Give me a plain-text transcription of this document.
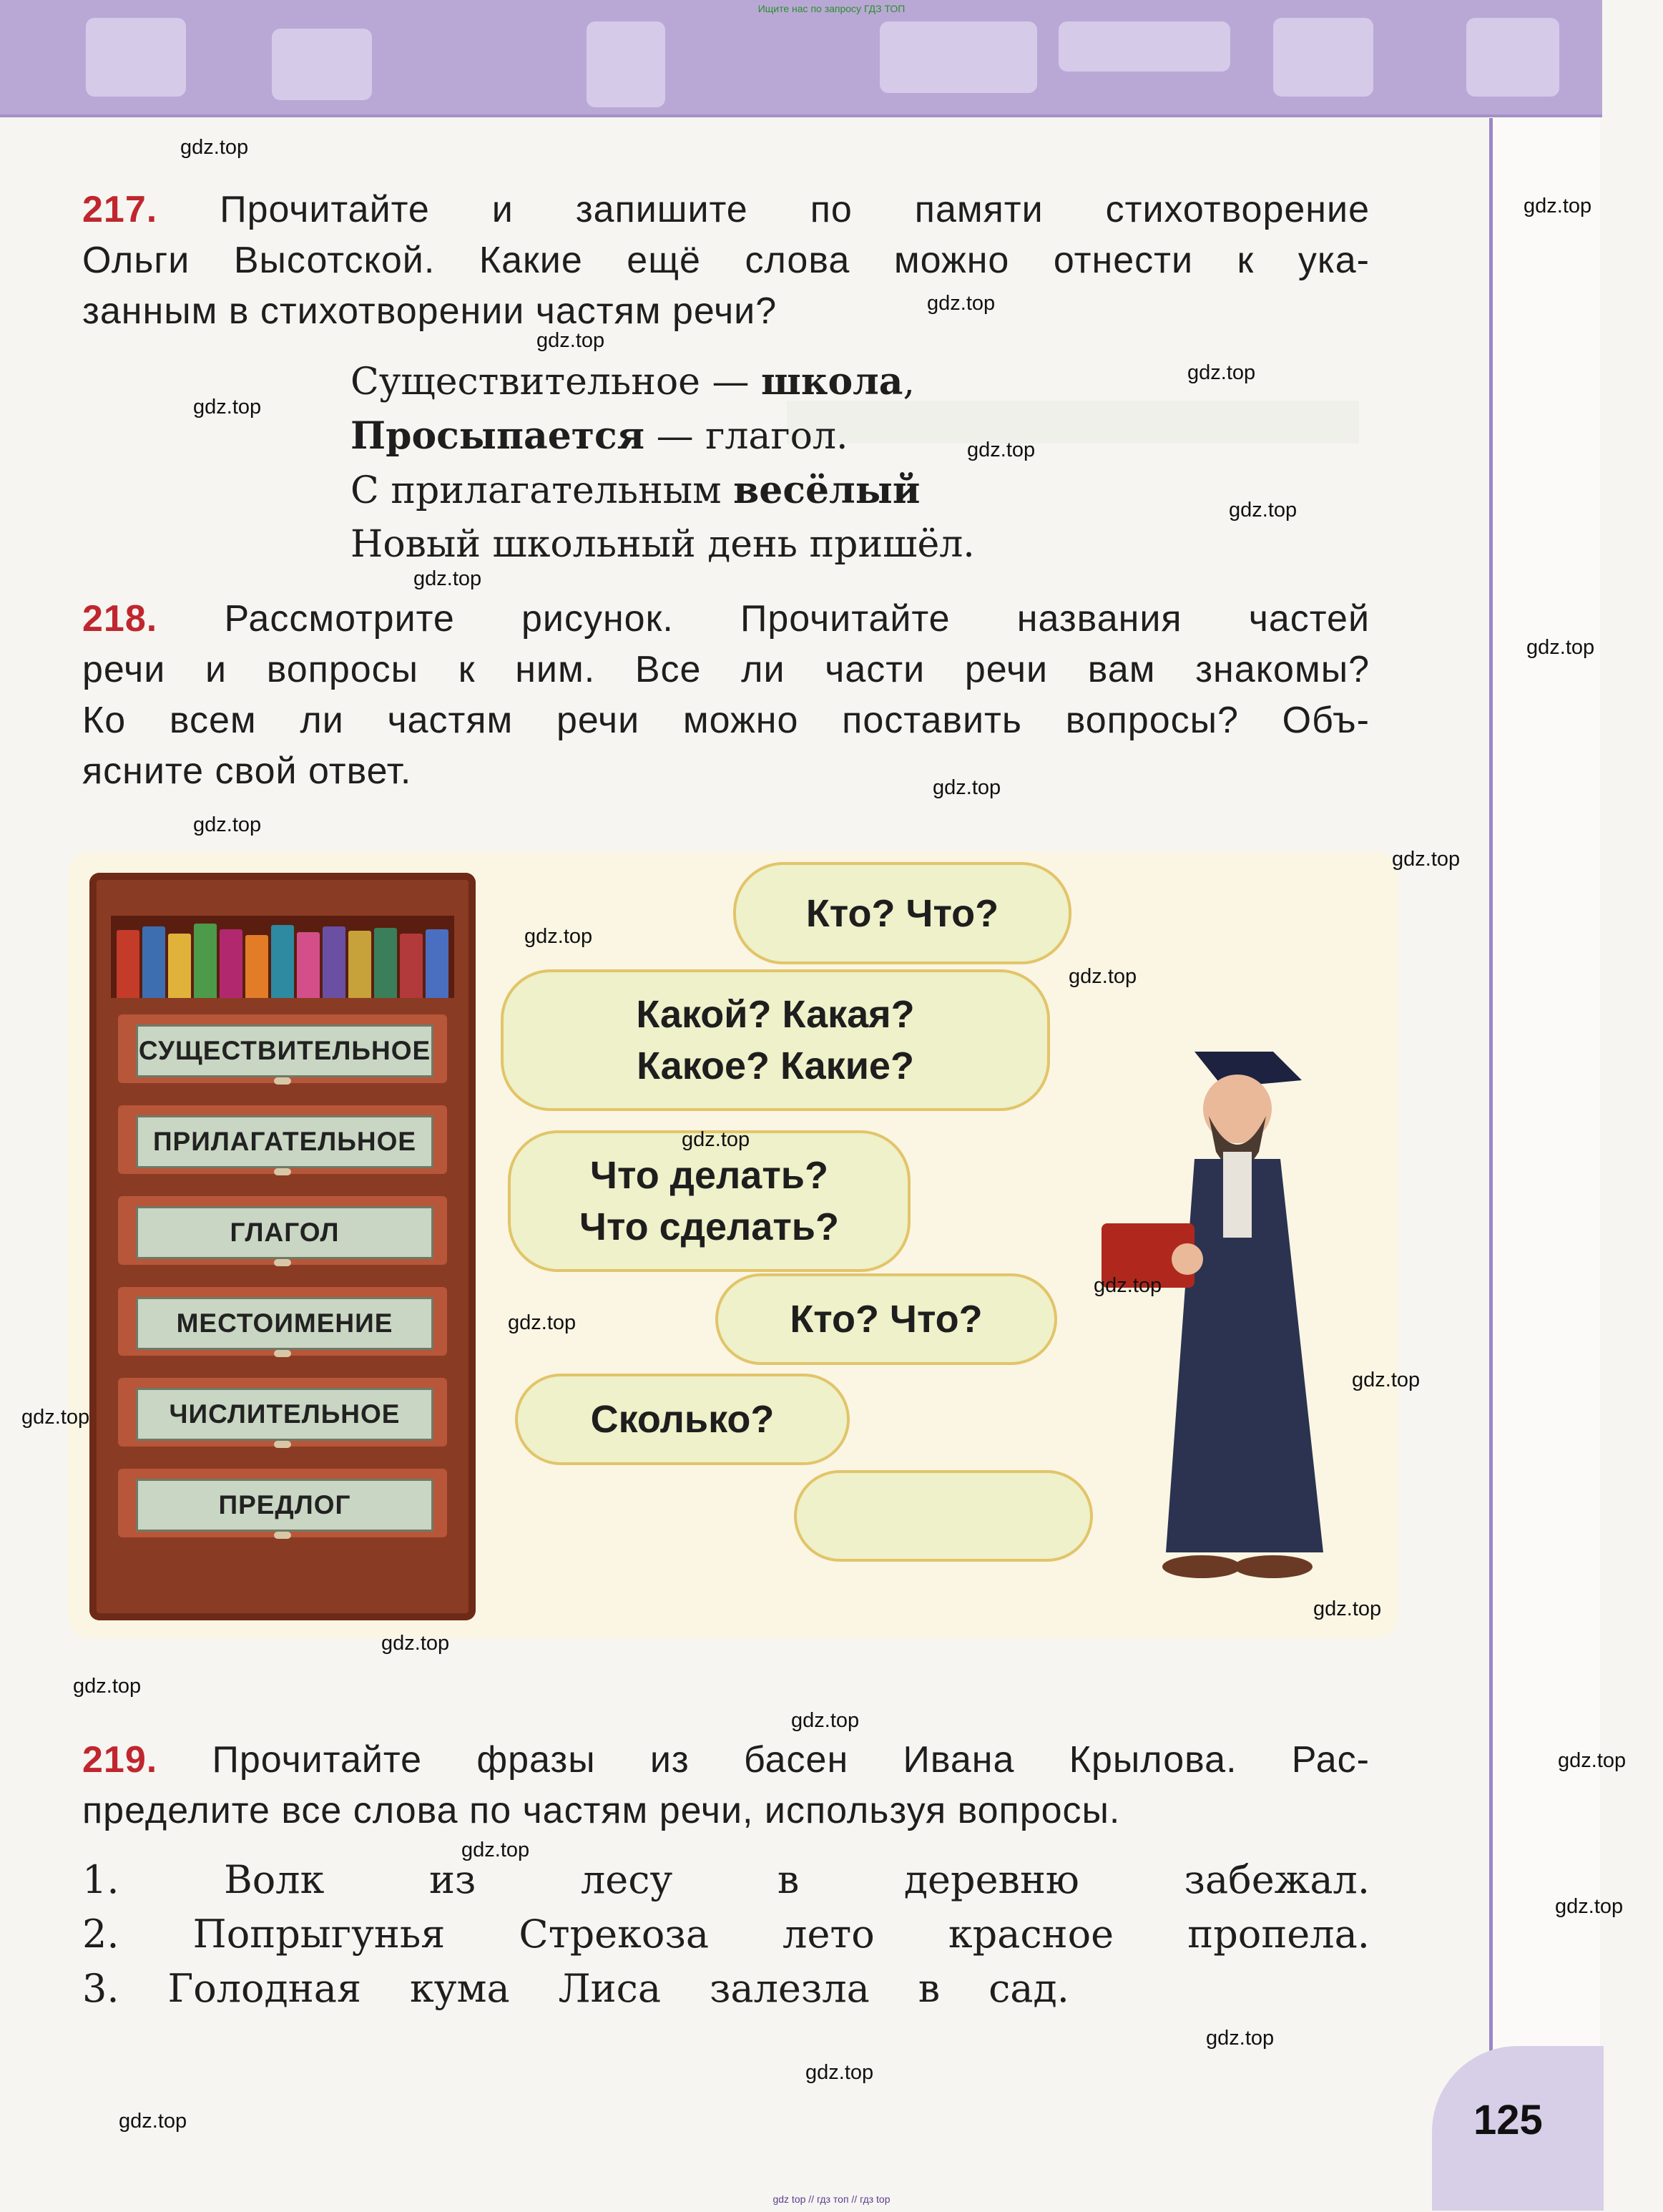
Ищите нас по запросу ГДЗ ТОП
217. Прочитайте и запишите по памяти стихотворение
Ольги Высотской. Какие ещё слова можно отнести к ука-
занным в стихотворении частям речи?
Существительное — школа,
Просыпается — глагол.
С прилагательным весёлый
Новый школьный день пришёл.
218. Рассмотрите рисунок. Прочитайте названия частей
речи и вопросы к ним. Все ли части речи вам знакомы?
Ко всем ли частям речи можно поставить вопросы? Объ-
ясните свой ответ.
СУЩЕСТВИТЕЛЬНОЕ
ПРИЛАГАТЕЛЬНОЕ
ГЛАГОЛ
МЕСТОИМЕНИЕ
ЧИСЛИТЕЛЬНОЕ
ПРЕДЛОГ
Кто? Что?
Какой? Какая?
Какое? Какие?
Что делать?
Что сделать?
Кто? Что?
Сколько?
219. Прочитайте фразы из басен Ивана Крылова. Рас-
пределите все слова по частям речи, используя вопросы.
1.	Волк	из	лесу	в	деревню	забежал.
2. Попрыгунья Стрекоза лето красное пропела.
3. Голодная кума Лиса залезла в сад.
125
gdz.top
gdz.top
gdz.top
gdz.top
gdz.top
gdz.top
gdz.top
gdz.top
gdz.top
gdz.top
gdz.top
gdz.top
gdz.top
gdz.top
gdz.top
gdz.top
gdz.top
gdz.top
gdz.top
gdz.top
gdz.top
gdz.top
gdz.top
gdz.top
gdz.top
gdz.top
gdz.top
gdz.top
gdz.top
gdz.top
gdz top // гдз топ // гдз top
